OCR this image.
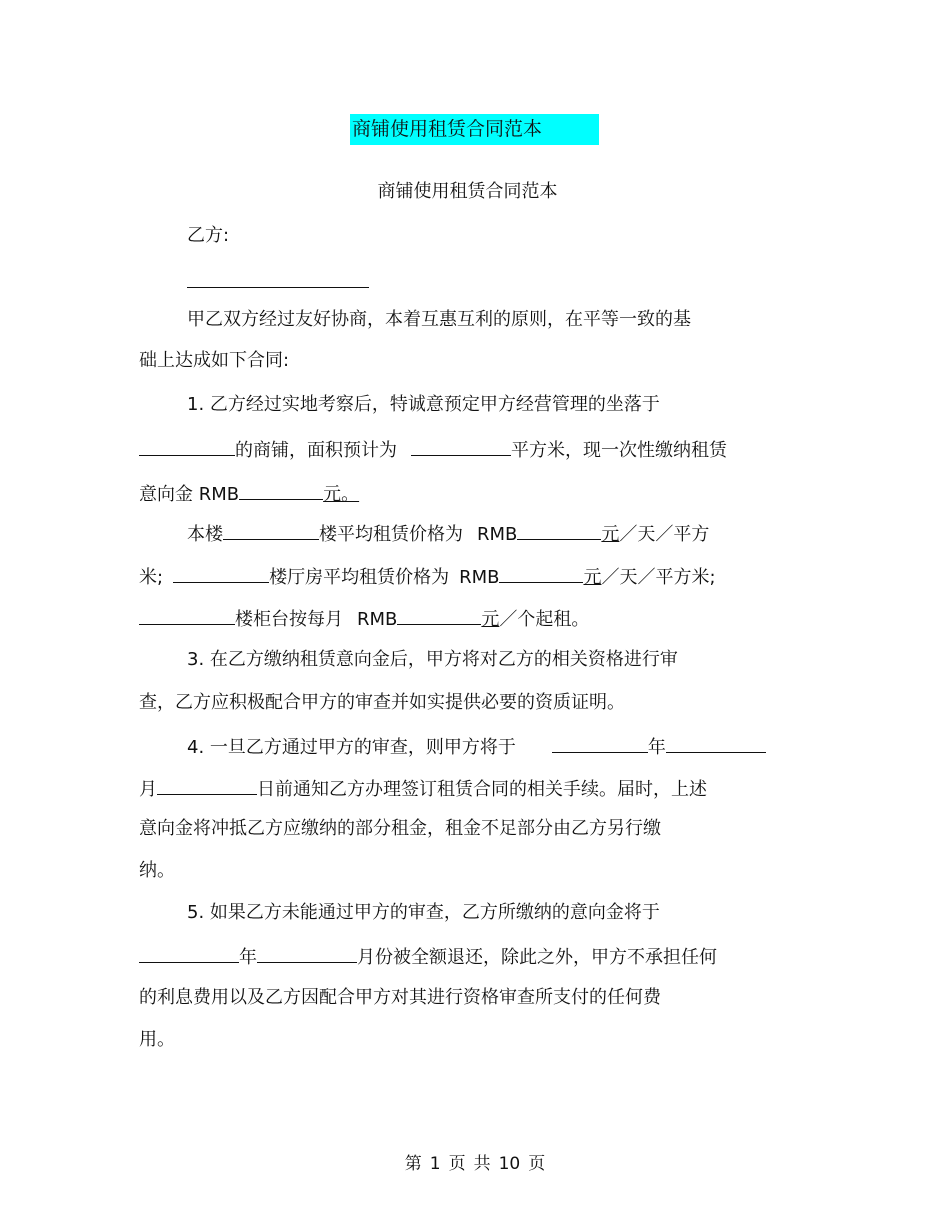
商铺使用租赁合同范本
商铺使用租赁合同范本
乙方:
甲乙双方经过友好协商，本着互惠互利的原则，在平等一致的基
础上达成如下合同:
1. 乙方经过实地考察后，特诚意预定甲方经营管理的坐落于
的商铺，面积预计为	平方米，现一次性缴纳租赁
意向金 RMB	元。
本楼	楼平均租赁价格为 RMB	元／天／平方
米;	楼厅房平均租赁价格为 RMB	元／天／平方米;
楼柜台按每月 RMB	元／个起租。
3. 在乙方缴纳租赁意向金后，甲方将对乙方的相关资格进行审
查，乙方应积极配合甲方的审查并如实提供必要的资质证明。
4. 一旦乙方通过甲方的审查，则甲方将于	年
月	日前通知乙方办理签订租赁合同的相关手续。届时，上述
意向金将冲抵乙方应缴纳的部分租金，租金不足部分由乙方另行缴
纳。
5. 如果乙方未能通过甲方的审查，乙方所缴纳的意向金将于
年	月份被全额退还，除此之外，甲方不承担任何
的利息费用以及乙方因配合甲方对其进行资格审查所支付的任何费
用。
第 1 页 共 10 页
